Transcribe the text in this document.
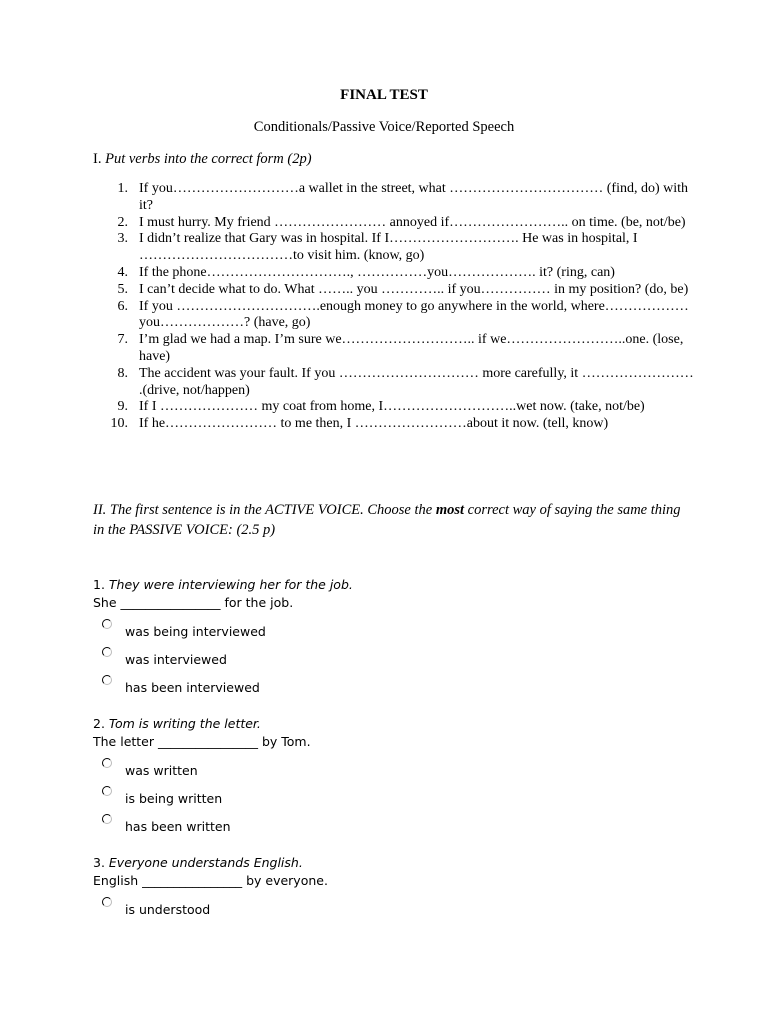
FINAL TEST
Conditionals/Passive Voice/Reported Speech
I. Put verbs into the correct form (2p)
1. If you………………………a wallet in the street, what …………………………… (find, do) with it?
2. I must hurry. My friend …………………… annoyed if…………………….. on time. (be, not/be)
3. I didn’t realize that Gary was in hospital. If I………………………. He was in hospital, I ……………………………to visit him. (know, go)
4. If the phone…………………………., ……………you………………. it? (ring, can)
5. I can’t decide what to do. What …….. you ………….. if you…………… in my position? (do, be)
6. If you ………………………….enough money to go anywhere in the world, where……………… you………………? (have, go)
7. I’m glad we had a map. I’m sure we……………………….. if we……………………..one. (lose, have)
8. The accident was your fault. If you ………………………… more carefully, it …………………… .(drive, not/happen)
9. If I ………………… my coat from home, I………………………..wet now. (take, not/be)
10. If he…………………… to me then, I ……………………about it now. (tell, know)
II. The first sentence is in the ACTIVE VOICE. Choose the most correct way of saying the same thing in the PASSIVE VOICE: (2.5 p)
1. They were interviewing her for the job.
She ________________ for the job.
was being interviewed
was interviewed
has been interviewed
2. Tom is writing the letter.
The letter ________________ by Tom.
was written
is being written
has been written
3. Everyone understands English.
English ________________ by everyone.
is understood
